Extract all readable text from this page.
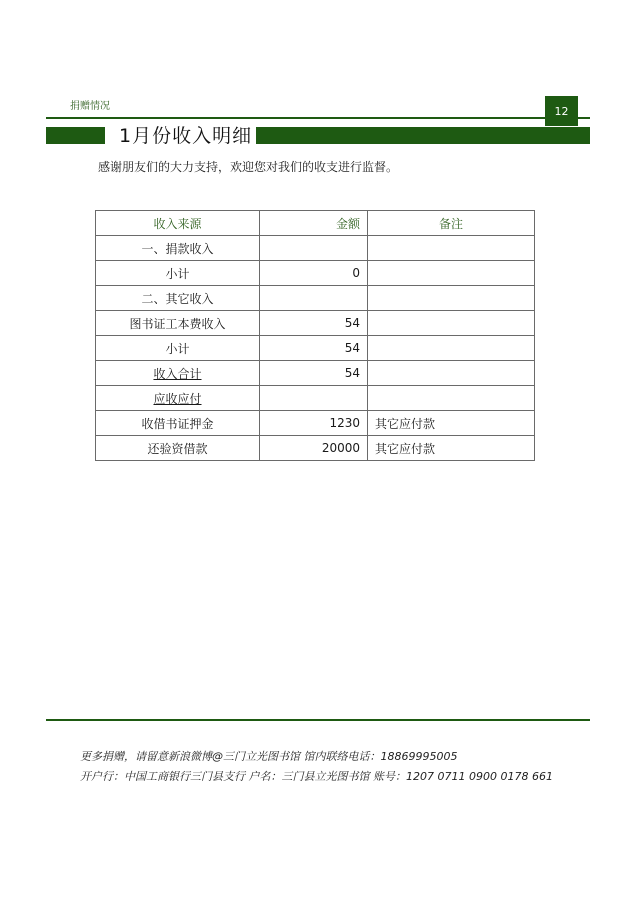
捐赠情况	12
1月份收入明细
感谢朋友们的大力支持，欢迎您对我们的收支进行监督。
收入来源	金额	备注
一、捐款收入		
小计	0	
二、其它收入		
图书证工本费收入	54	
小计	54	
收入合计	54	
应收应付		
收借书证押金	1230	其它应付款
还验资借款	20000	其它应付款
更多捐赠，请留意新浪微博@三门立光图书馆 馆内联络电话：18869995005
开户行：中国工商银行三门县支行 户名：三门县立光图书馆 账号：1207 0711 0900 0178 661
